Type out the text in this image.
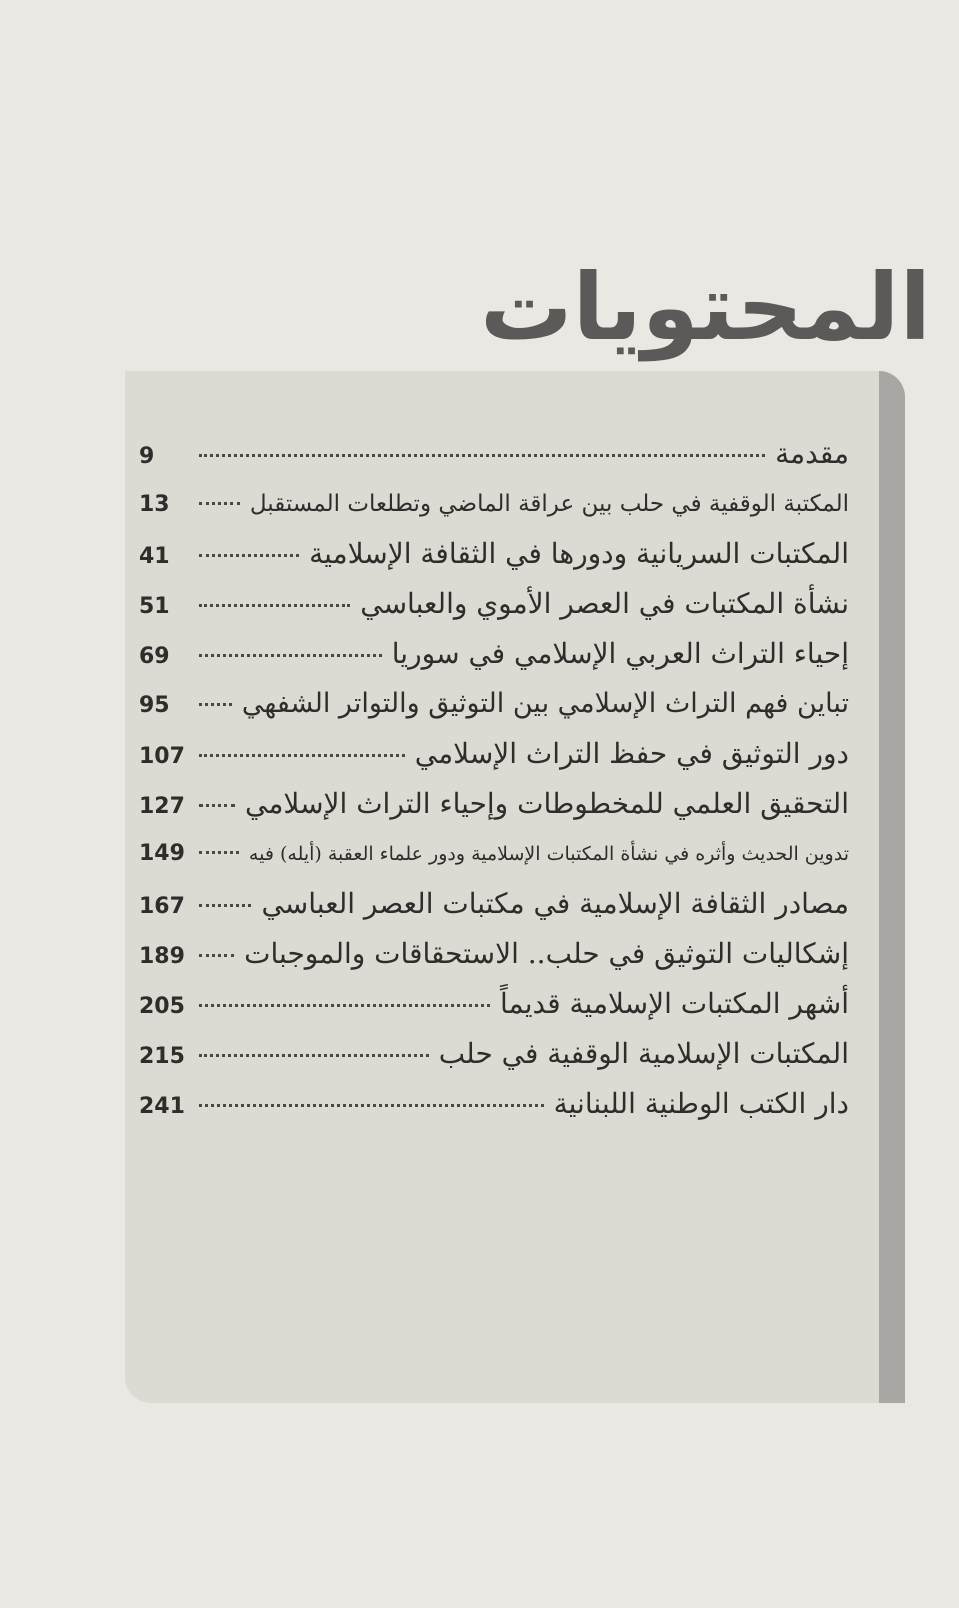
المحتويات
مقدمة
9
المكتبة الوقفية في حلب بين عراقة الماضي وتطلعات المستقبل
13
المكتبات السريانية ودورها في الثقافة الإسلامية
41
نشأة المكتبات في العصر الأموي والعباسي
51
إحياء التراث العربي الإسلامي في سوريا
69
تباين فهم التراث الإسلامي بين التوثيق والتواتر الشفهي
95
دور التوثيق في حفظ التراث الإسلامي
107
التحقيق العلمي للمخطوطات وإحياء التراث الإسلامي
127
تدوين الحديث وأثره في نشأة المكتبات الإسلامية ودور علماء العقبة (أيله) فيه
149
مصادر الثقافة الإسلامية في مكتبات العصر العباسي
167
إشكاليات التوثيق في حلب.. الاستحقاقات والموجبات
189
أشهر المكتبات الإسلامية قديماً
205
المكتبات الإسلامية الوقفية في حلب
215
دار الكتب الوطنية اللبنانية
241
